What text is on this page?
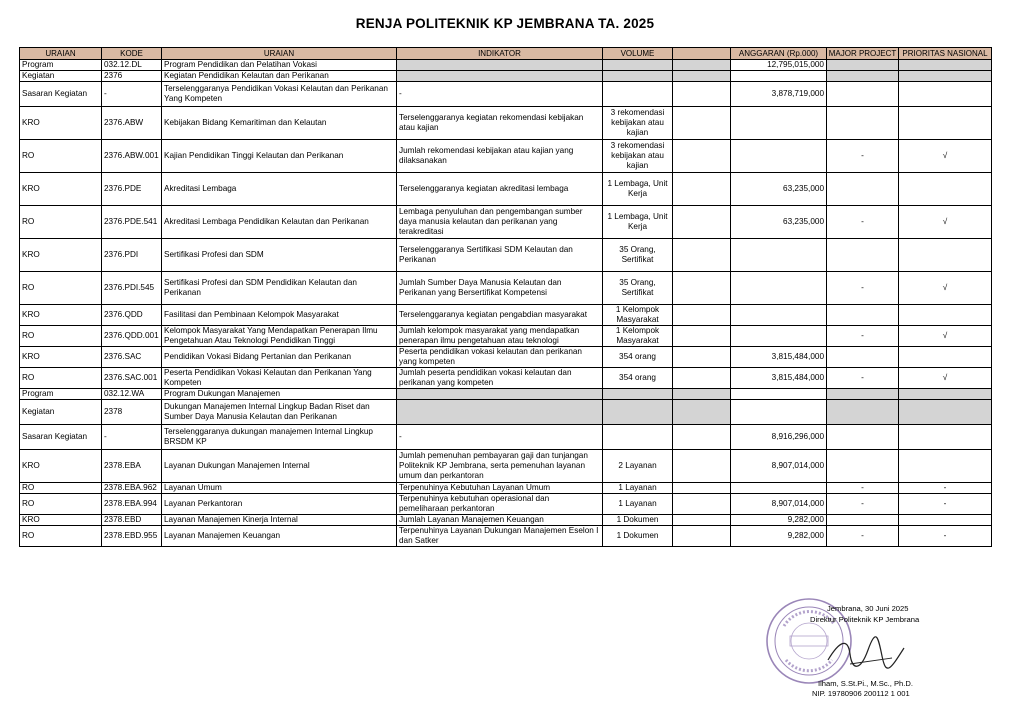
RENJA POLITEKNIK KP JEMBRANA TA. 2025
URAIAN	KODE	URAIAN	INDIKATOR	VOLUME		ANGGARAN (Rp.000)	MAJOR PROJECT	PRIORITAS NASIONAL
Program	032.12.DL	Program Pendidikan dan Pelatihan Vokasi				12,795,015,000		
Kegiatan	2376	Kegiatan Pendidikan Kelautan dan Perikanan						
Sasaran Kegiatan	-	Terselenggaranya Pendidikan Vokasi Kelautan dan Perikanan Yang Kompeten	-			3,878,719,000		
KRO	2376.ABW	Kebijakan Bidang Kemaritiman dan Kelautan	Terselenggaranya kegiatan rekomendasi kebijakan atau kajian	3 rekomendasi kebijakan atau kajian				
RO	2376.ABW.001	Kajian Pendidikan Tinggi Kelautan dan Perikanan	Jumlah rekomendasi kebijakan atau kajian yang dilaksanakan	3 rekomendasi kebijakan atau kajian			-	√
KRO	2376.PDE	Akreditasi Lembaga	Terselenggaranya kegiatan akreditasi lembaga	1 Lembaga, Unit Kerja		63,235,000		
RO	2376.PDE.541	Akreditasi Lembaga Pendidikan Kelautan dan Perikanan	Lembaga penyuluhan dan pengembangan sumber daya manusia kelautan dan perikanan yang terakreditasi	1 Lembaga, Unit Kerja		63,235,000	-	√
KRO	2376.PDI	Sertifikasi Profesi dan SDM	Terselenggaranya Sertifikasi SDM Kelautan dan Perikanan	35 Orang, Sertifikat				
RO	2376.PDI.545	Sertifikasi Profesi dan SDM Pendidikan Kelautan dan Perikanan	Jumlah Sumber Daya Manusia Kelautan dan Perikanan yang Bersertifikat Kompetensi	35 Orang, Sertifikat			-	√
KRO	2376.QDD	Fasilitasi dan Pembinaan Kelompok Masyarakat	Terselenggaranya kegiatan pengabdian masyarakat	1 Kelompok Masyarakat				
RO	2376.QDD.001	Kelompok Masyarakat Yang Mendapatkan Penerapan Ilmu Pengetahuan Atau Teknologi Pendidikan Tinggi	Jumlah kelompok masyarakat yang mendapatkan penerapan ilmu pengetahuan atau teknologi	1 Kelompok Masyarakat			-	√
KRO	2376.SAC	Pendidikan Vokasi Bidang Pertanian dan Perikanan	Peserta pendidikan vokasi kelautan dan perikanan yang kompeten	354 orang		3,815,484,000		
RO	2376.SAC.001	Peserta Pendidikan Vokasi Kelautan dan Perikanan Yang Kompeten	Jumlah peserta pendidikan vokasi kelautan dan perikanan yang kompeten	354 orang		3,815,484,000	-	√
Program	032.12.WA	Program Dukungan Manajemen						
Kegiatan	2378	Dukungan Manajemen Internal Lingkup Badan Riset dan Sumber Daya Manusia Kelautan dan Perikanan						
Sasaran Kegiatan	-	Terselenggaranya dukungan manajemen Internal Lingkup BRSDM KP	-			8,916,296,000		
KRO	2378.EBA	Layanan Dukungan Manajemen Internal	Jumlah pemenuhan pembayaran gaji dan tunjangan Politeknik KP Jembrana, serta pemenuhan layanan umum dan perkantoran	2 Layanan		8,907,014,000		
RO	2378.EBA.962	Layanan Umum	Terpenuhinya Kebutuhan Layanan Umum	1 Layanan			-	-
RO	2378.EBA.994	Layanan Perkantoran	Terpenuhinya kebutuhan operasional dan pemeliharaan perkantoran	1 Layanan		8,907,014,000	-	-
KRO	2378.EBD	Layanan Manajemen Kinerja Internal	Jumlah Layanan Manajemen Keuangan	1 Dokumen		9,282,000		
RO	2378.EBD.955	Layanan Manajemen Keuangan	Terpenuhinya Layanan Dukungan Manajemen Eselon I dan Satker	1 Dokumen		9,282,000	-	-
Jembrana, 30 Juni 2025
Direktur Politeknik KP Jembrana
Ilham, S.St.Pi., M.Sc., Ph.D.
NIP. 19780906 200112 1 001
